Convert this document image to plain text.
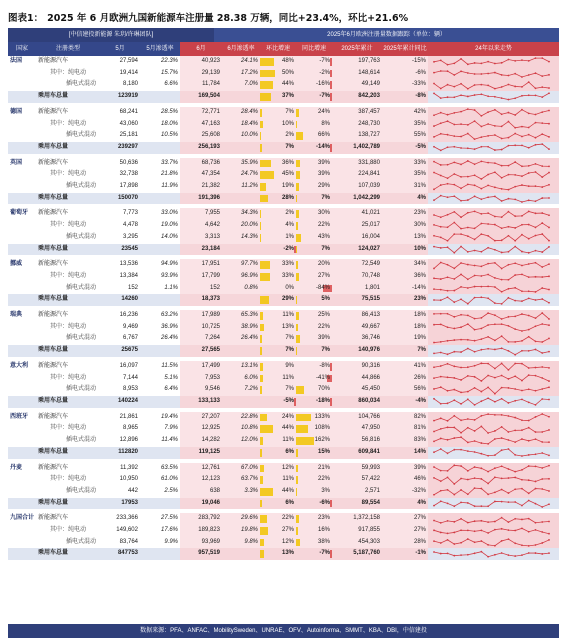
图表1： 2025 年 6 月欧洲九国新能源车注册量 28.38 万辆，同比+23.4%，环比+21.6%
[中信建投新能源 朱玥/许琳团队]	2025年6月欧洲注册量数据跟踪（单位：辆）
国家	注册类型	5月	5月渗透率	6月	6月渗透率	环比增速	同比增速	2025年累计	2025年累计同比	24年以来走势
法国	新能源汽车	27,594	22.3%	40,923	24.1%	48%	-7%	197,763	-15%	

	其中：纯电动	19,414	15.7%	29,139	17.2%	50%	-2%	148,614	-6%	

	插电式混动	8,180	6.6%	11,784	7.0%	44%	-16%	49,149	-33%	

	乘用车总量	123919		169,504		37%	-7%	842,203	-8%	

德国	新能源汽车	68,241	28.5%	72,771	28.4%	7%	24%	387,457	42%	

	其中：纯电动	43,060	18.0%	47,163	18.4%	10%	8%	248,730	35%	

	插电式混动	25,181	10.5%	25,608	10.0%	2%	66%	138,727	55%	

	乘用车总量	239297		256,193		7%	-14%	1,402,789	-5%	

英国	新能源汽车	50,636	33.7%	68,736	35.9%	36%	39%	331,880	33%	

	其中：纯电动	32,738	21.8%	47,354	24.7%	45%	39%	224,841	35%	

	插电式混动	17,898	11.9%	21,382	11.2%	19%	29%	107,039	31%	

	乘用车总量	150070		191,396		28%	7%	1,042,299	4%	

葡萄牙	新能源汽车	7,773	33.0%	7,955	34.3%	2%	30%	41,021	23%	

	其中：纯电动	4,478	19.0%	4,642	20.0%	4%	22%	25,017	30%	

	插电式混动	3,295	14.0%	3,313	14.3%	1%	43%	16,004	13%	

	乘用车总量	23545		23,184		-2%	7%	124,027	10%	

挪威	新能源汽车	13,536	94.9%	17,951	97.7%	33%	20%	72,549	34%	

	其中：纯电动	13,384	93.9%	17,799	96.9%	33%	27%	70,748	36%	

	插电式混动	152	1.1%	152	0.8%	0%	-84%	1,801	-14%	

	乘用车总量	14260		18,373		29%	5%	75,515	23%	

瑞典	新能源汽车	16,236	63.2%	17,989	65.3%	11%	25%	86,413	18%	

	其中：纯电动	9,469	36.9%	10,725	38.9%	13%	22%	49,667	18%	

	插电式混动	6,767	26.4%	7,264	26.4%	7%	39%	36,746	19%	

	乘用车总量	25675		27,565		7%	7%	140,976	7%	

意大利	新能源汽车	16,097	11.5%	17,499	13.1%	9%	-8%	90,316	41%	

	其中：纯电动	7,144	5.1%	7,953	6.0%	11%	-41%	44,866	26%	

	插电式混动	8,953	6.4%	9,546	7.2%	7%	70%	45,450	56%	

	乘用车总量	140224		133,133		-5%	-18%	860,034	-4%	

西班牙	新能源汽车	21,861	19.4%	27,207	22.8%	24%	133%	104,766	82%	

	其中：纯电动	8,965	7.9%	12,925	10.8%	44%	108%	47,950	81%	

	插电式混动	12,896	11.4%	14,282	12.0%	11%	162%	56,816	83%	

	乘用车总量	112820		119,125		6%	15%	609,841	14%	

丹麦	新能源汽车	11,392	63.5%	12,761	67.0%	12%	21%	59,993	39%	

	其中：纯电动	10,950	61.0%	12,123	63.7%	11%	22%	57,422	46%	

	插电式混动	442	2.5%	638	3.3%	44%	3%	2,571	-32%	

	乘用车总量	17953		19,046		6%	-6%	89,554	4%	

九国合计	新能源汽车	233,366	27.5%	283,792	29.6%	22%	23%	1,372,158	27%	

	其中：纯电动	149,602	17.6%	189,823	19.8%	27%	16%	917,855	27%	

	插电式混动	83,764	9.9%	93,969	9.8%	12%	38%	454,303	28%	

	乘用车总量	847753		957,519		13%	-7%	5,187,760	-1%	
数据来源：PFA、ANFAC、MobilitySweden、UNRAE、OFV、Autoinforma、SMMT、KBA、DBI，中信建投
